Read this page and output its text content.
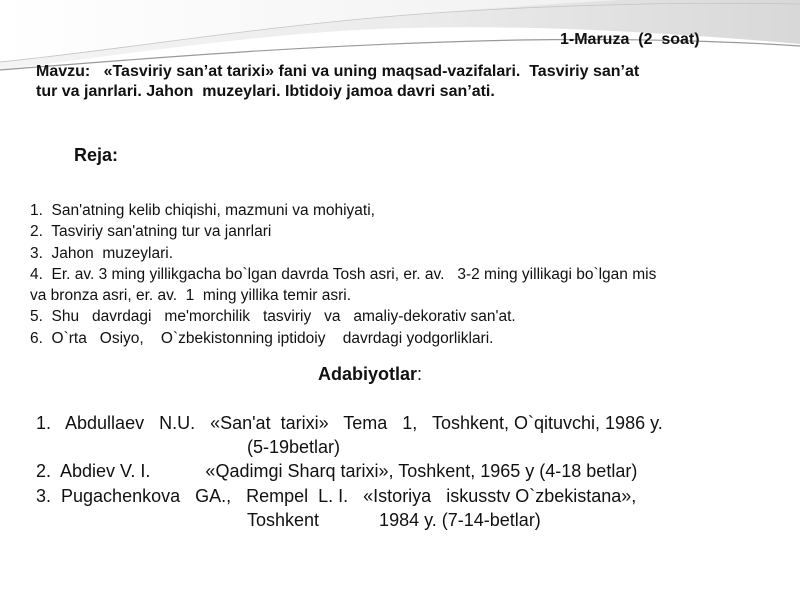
1-Maruza  (2  soat)
Mavzu:   «Tasviriy san’at tarixi» fani va uning maqsad-vazifalari.  Tasviriy san’at
tur va janrlari. Jahon  muzeylari. Ibtidoiy jamoa davri san’ati.
Reja:
1.  San'atning kelib chiqishi, mazmuni va mohiyati,
2.  Tasviriy san'atning tur va janrlari
3.  Jahon  muzeylari.
4.  Er. av. 3 ming yillikgacha bo`lgan davrda Tosh asri, er. av.   3-2 ming yillikagi bo`lgan mis
va bronza asri, er. av.  1  ming yillika temir asri.
5.  Shu   davrdagi   me'morchilik   tasviriy   va   amaliy-dekorativ san'at.
6.  O`rta   Osiyo,    O`zbekistonning iptidoiy    davrdagi yodgorliklari.
Adabiyotlar:
1.   Abdullaev   N.U.   «San'at  tarixi»   Tema   1,   Toshkent, O`qituvchi, 1986 y.
(5-19betlar)
2.  Abdiev V. I.           «Qadimgi Sharq tarixi», Toshkent, 1965 y (4-18 betlar)
3.  Pugachenkova   GA.,   Rempel  L. I.   «Istoriya   iskusstv O`zbekistana»,
Toshkent            1984 y. (7-14-betlar)
